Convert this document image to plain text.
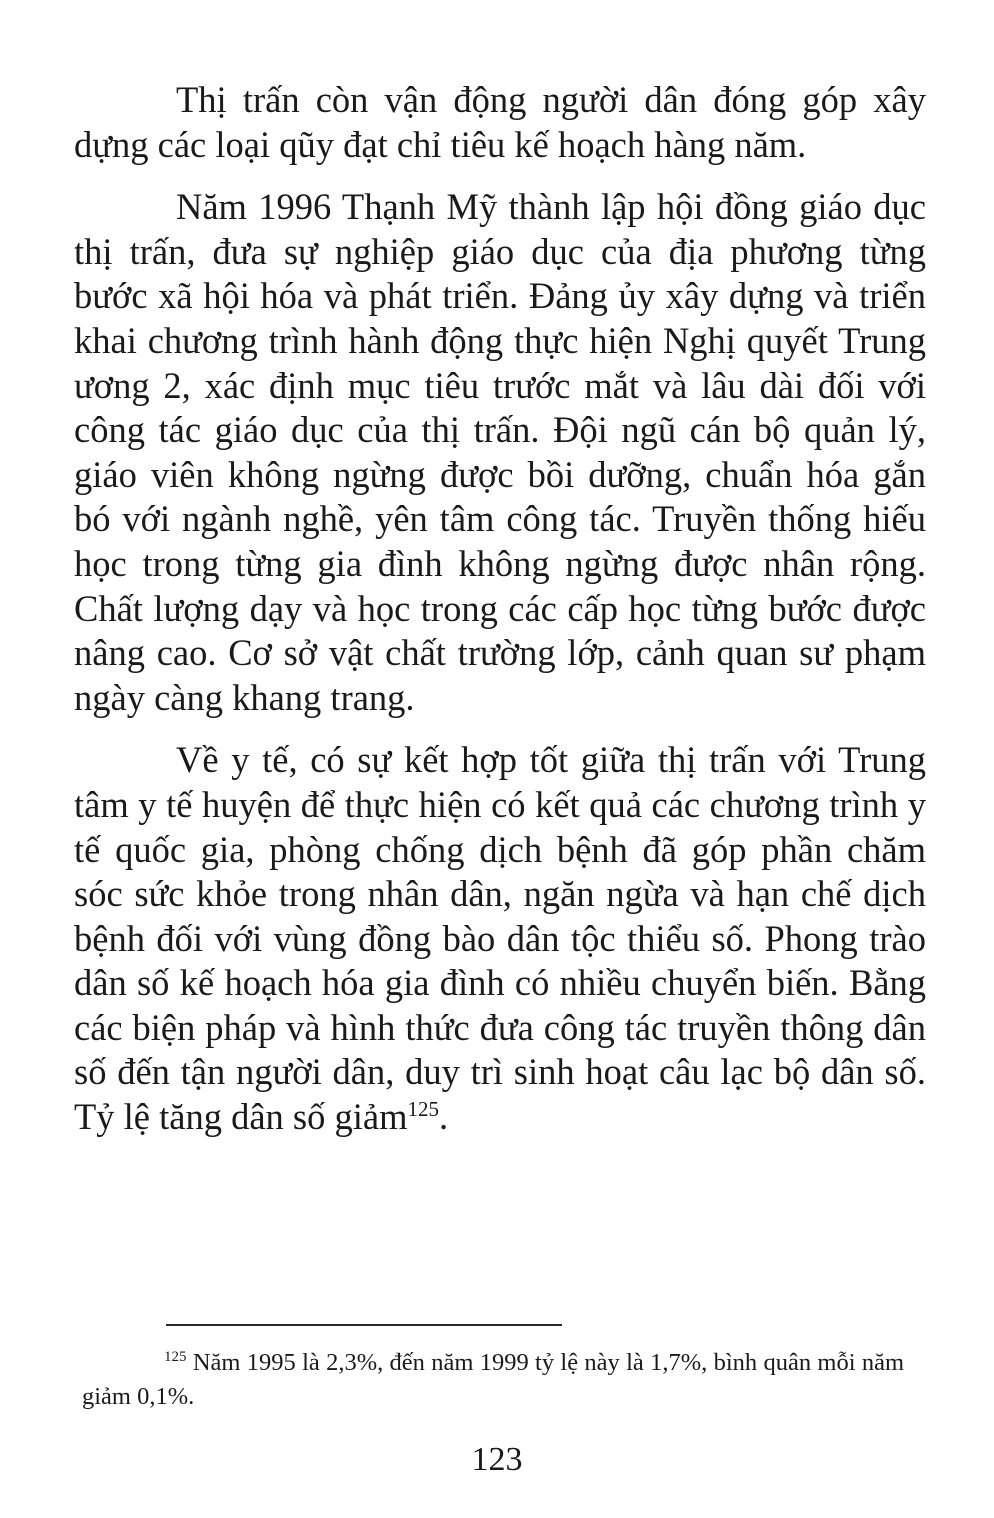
Thị trấn còn vận động người dân đóng góp xây dựng các loại qũy đạt chỉ tiêu kế hoạch hàng năm.

Năm 1996 Thạnh Mỹ thành lập hội đồng giáo dục thị trấn, đưa sự nghiệp giáo dục của địa phương từng bước xã hội hóa và phát triển. Đảng ủy xây dựng và triển khai chương trình hành động thực hiện Nghị quyết Trung ương 2, xác định mục tiêu trước mắt và lâu dài đối với công tác giáo dục của thị trấn. Đội ngũ cán bộ quản lý, giáo viên không ngừng được bồi dưỡng, chuẩn hóa gắn bó với ngành nghề, yên tâm công tác. Truyền thống hiếu học trong từng gia đình không ngừng được nhân rộng. Chất lượng dạy và học trong các cấp học từng bước được nâng cao. Cơ sở vật chất trường lớp, cảnh quan sư phạm ngày càng khang trang.

Về y tế, có sự kết hợp tốt giữa thị trấn với Trung tâm y tế huyện để thực hiện có kết quả các chương trình y tế quốc gia, phòng chống dịch bệnh đã góp phần chăm sóc sức khỏe trong nhân dân, ngăn ngừa và hạn chế dịch bệnh đối với vùng đồng bào dân tộc thiểu số. Phong trào dân số kế hoạch hóa gia đình có nhiều chuyển biến. Bằng các biện pháp và hình thức đưa công tác truyền thông dân số đến tận người dân, duy trì sinh hoạt câu lạc bộ dân số. Tỷ lệ tăng dân số giảm$^{125}$.

$^{125}$ Năm 1995 là 2,3%, đến năm 1999 tỷ lệ này là 1,7%, bình quân mỗi năm giảm 0,1%.

123
